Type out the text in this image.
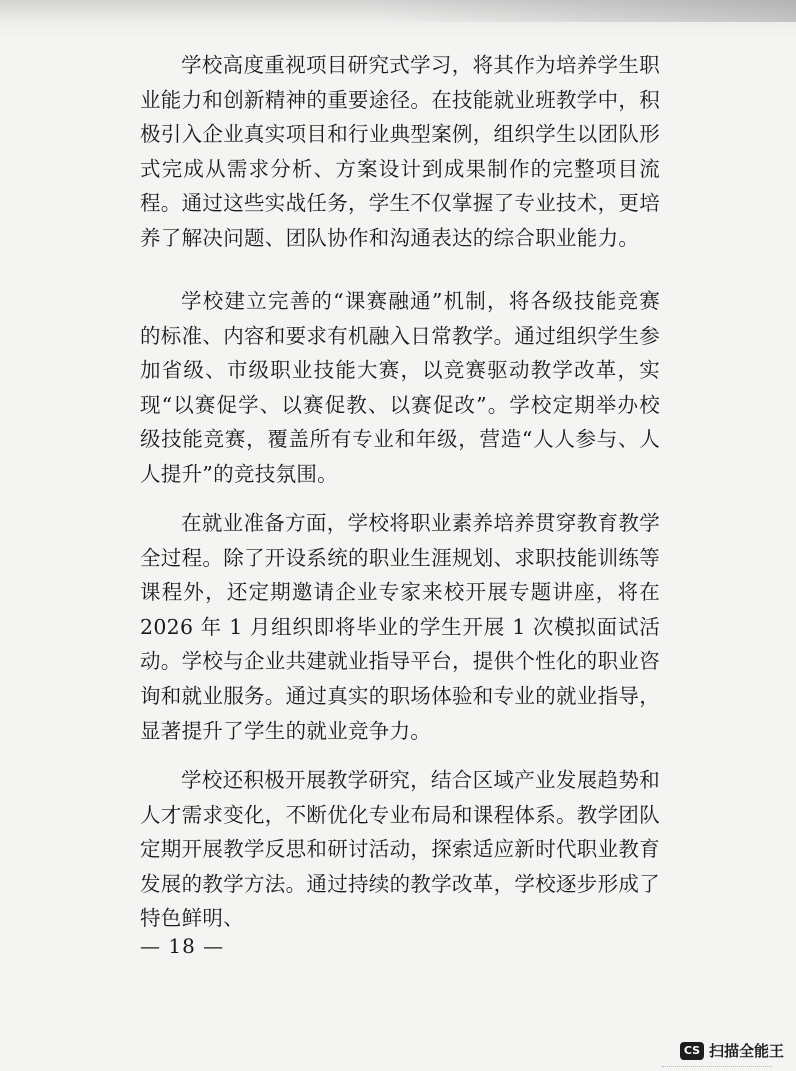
学校高度重视项目研究式学习，将其作为培养学生职业能力和创新精神的重要途径。在技能就业班教学中，积极引入企业真实项目和行业典型案例，组织学生以团队形式完成从需求分析、方案设计到成果制作的完整项目流程。通过这些实战任务，学生不仅掌握了专业技术，更培养了解决问题、团队协作和沟通表达的综合职业能力。

学校建立完善的“课赛融通”机制，将各级技能竞赛的标准、内容和要求有机融入日常教学。通过组织学生参加省级、市级职业技能大赛，以竞赛驱动教学改革，实现“以赛促学、以赛促教、以赛促改”。学校定期举办校级技能竞赛，覆盖所有专业和年级，营造“人人参与、人人提升”的竞技氛围。

在就业准备方面，学校将职业素养培养贯穿教育教学全过程。除了开设系统的职业生涯规划、求职技能训练等课程外，还定期邀请企业专家来校开展专题讲座，将在 2026 年 1 月组织即将毕业的学生开展 1 次模拟面试活动。学校与企业共建就业指导平台，提供个性化的职业咨询和就业服务。通过真实的职场体验和专业的就业指导，显著提升了学生的就业竞争力。

学校还积极开展教学研究，结合区域产业发展趋势和人才需求变化，不断优化专业布局和课程体系。教学团队定期开展教学反思和研讨活动，探索适应新时代职业教育发展的教学方法。通过持续的教学改革，学校逐步形成了特色鲜明、

— 18 —
CS 扫描全能王
